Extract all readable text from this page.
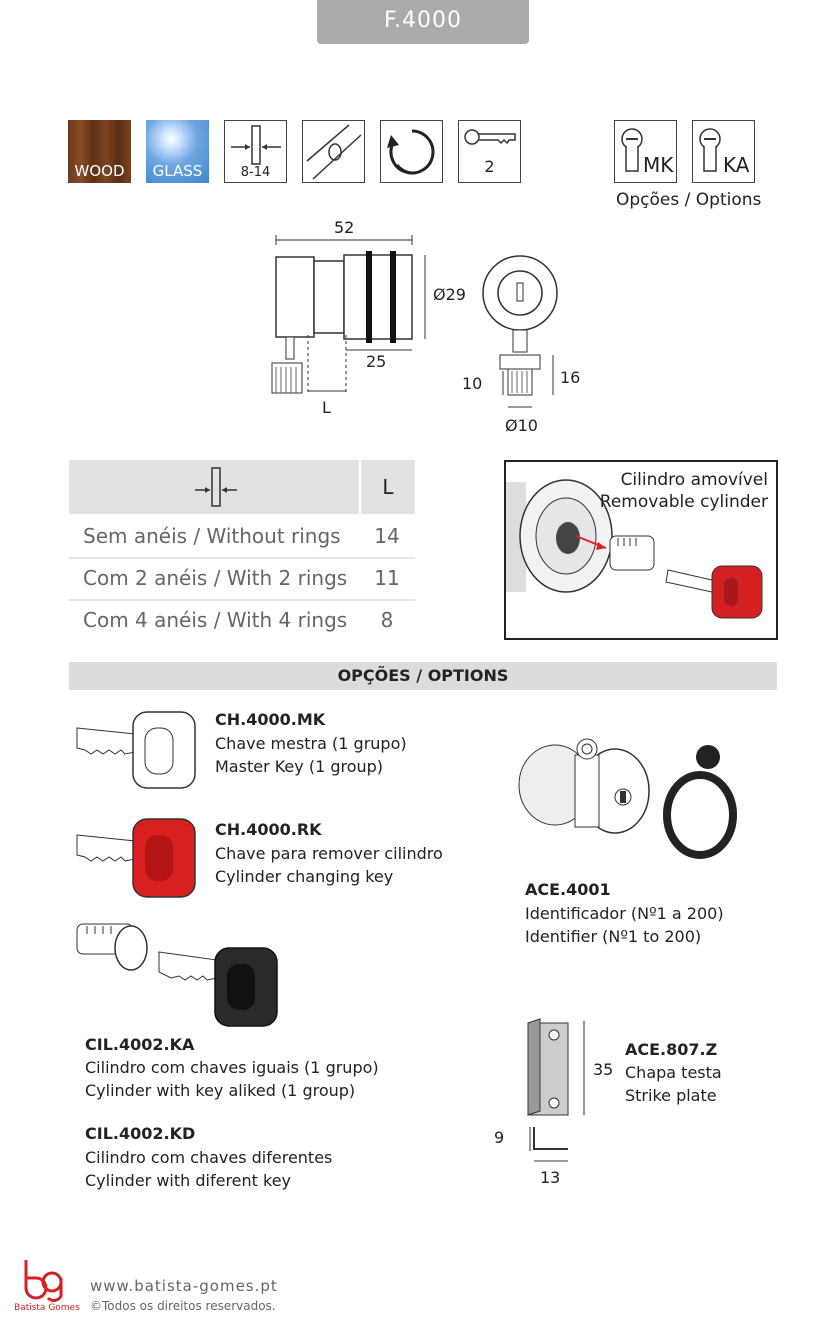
F.4000
WOOD	GLASS	8-14	2	MK KA
Opções / Options
52
Ø29
25
L
10	16
Ø10
L
Sem anéis / Without rings	14
Com 2 anéis / With 2 rings	11
Com 4 anéis / With 4 rings	8
Cilindro amovível
Removable cylinder
OPÇÕES / OPTIONS
CH.4000.MK
Chave mestra (1 grupo)
Master Key (1 group)
CH.4000.RK
Chave para remover cilindro
Cylinder changing key
ACE.4001
Identificador (Nº1 a 200)
Identifier (Nº1 to 200)
CIL.4002.KA
Cilindro com chaves iguais (1 grupo)
Cylinder with key aliked (1 group)
CIL.4002.KD
Cilindro com chaves diferentes
Cylinder with diferent key
35
9
13
ACE.807.Z
Chapa testa
Strike plate
Batista Gomes
www.batista-gomes.pt
©Todos os direitos reservados.
